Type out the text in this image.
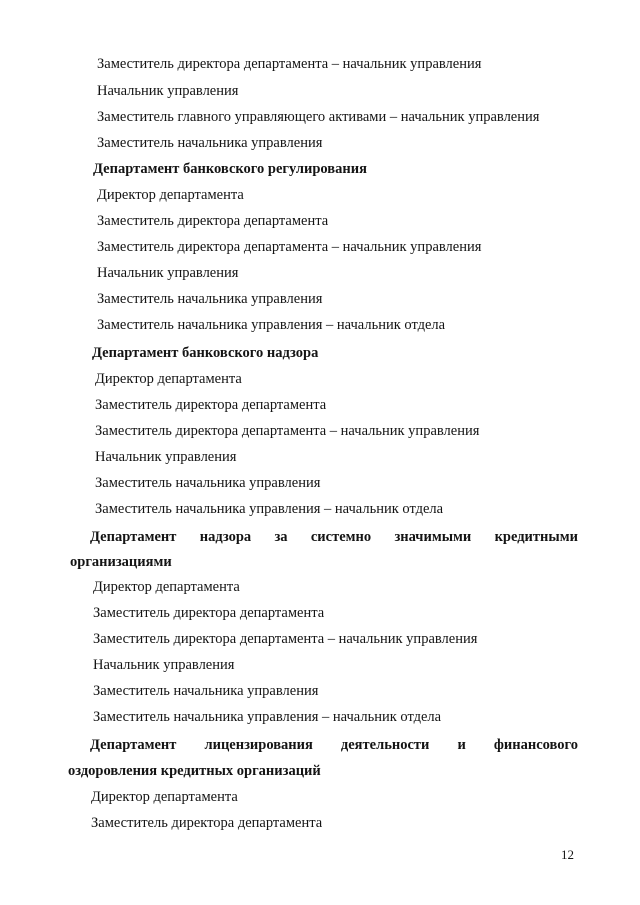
Заместитель директора департамента – начальник управления
Начальник управления
Заместитель главного управляющего активами – начальник управления
Заместитель начальника управления
Департамент банковского регулирования
Директор департамента
Заместитель директора департамента
Заместитель директора департамента – начальник управления
Начальник управления
Заместитель начальника управления
Заместитель начальника управления – начальник отдела
Департамент банковского надзора
Директор департамента
Заместитель директора департамента
Заместитель директора департамента – начальник управления
Начальник управления
Заместитель начальника управления
Заместитель начальника управления – начальник отдела
Департамент надзора за системно значимыми кредитными
организациями
Директор департамента
Заместитель директора департамента
Заместитель директора департамента – начальник управления
Начальник управления
Заместитель начальника управления
Заместитель начальника управления – начальник отдела
Департамент лицензирования деятельности и финансового
оздоровления кредитных организаций
Директор департамента
Заместитель директора департамента
12
